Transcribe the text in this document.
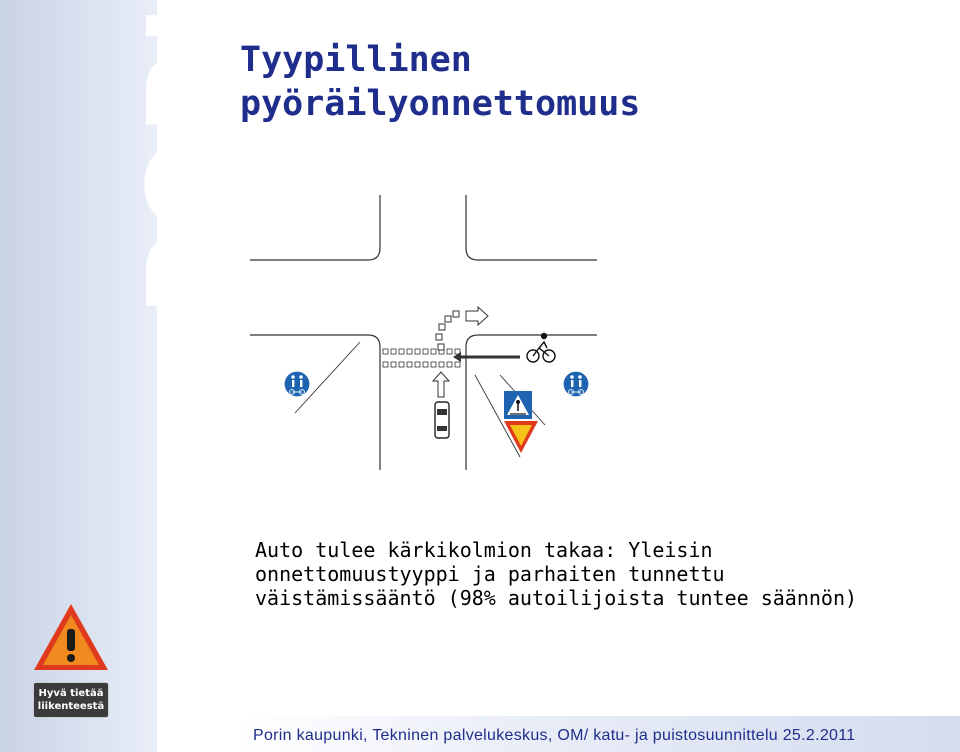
PORI
Hyvä tietää
liikenteestä
Tyypillinen
pyöräilyonnettomuus
Auto tulee kärkikolmion takaa: Yleisin
onnettomuustyyppi ja parhaiten tunnettu
väistämissääntö (98% autoilijoista tuntee säännön)
Porin kaupunki, Tekninen palvelukeskus, OM/ katu- ja puistosuunnittelu 25.2.2011
